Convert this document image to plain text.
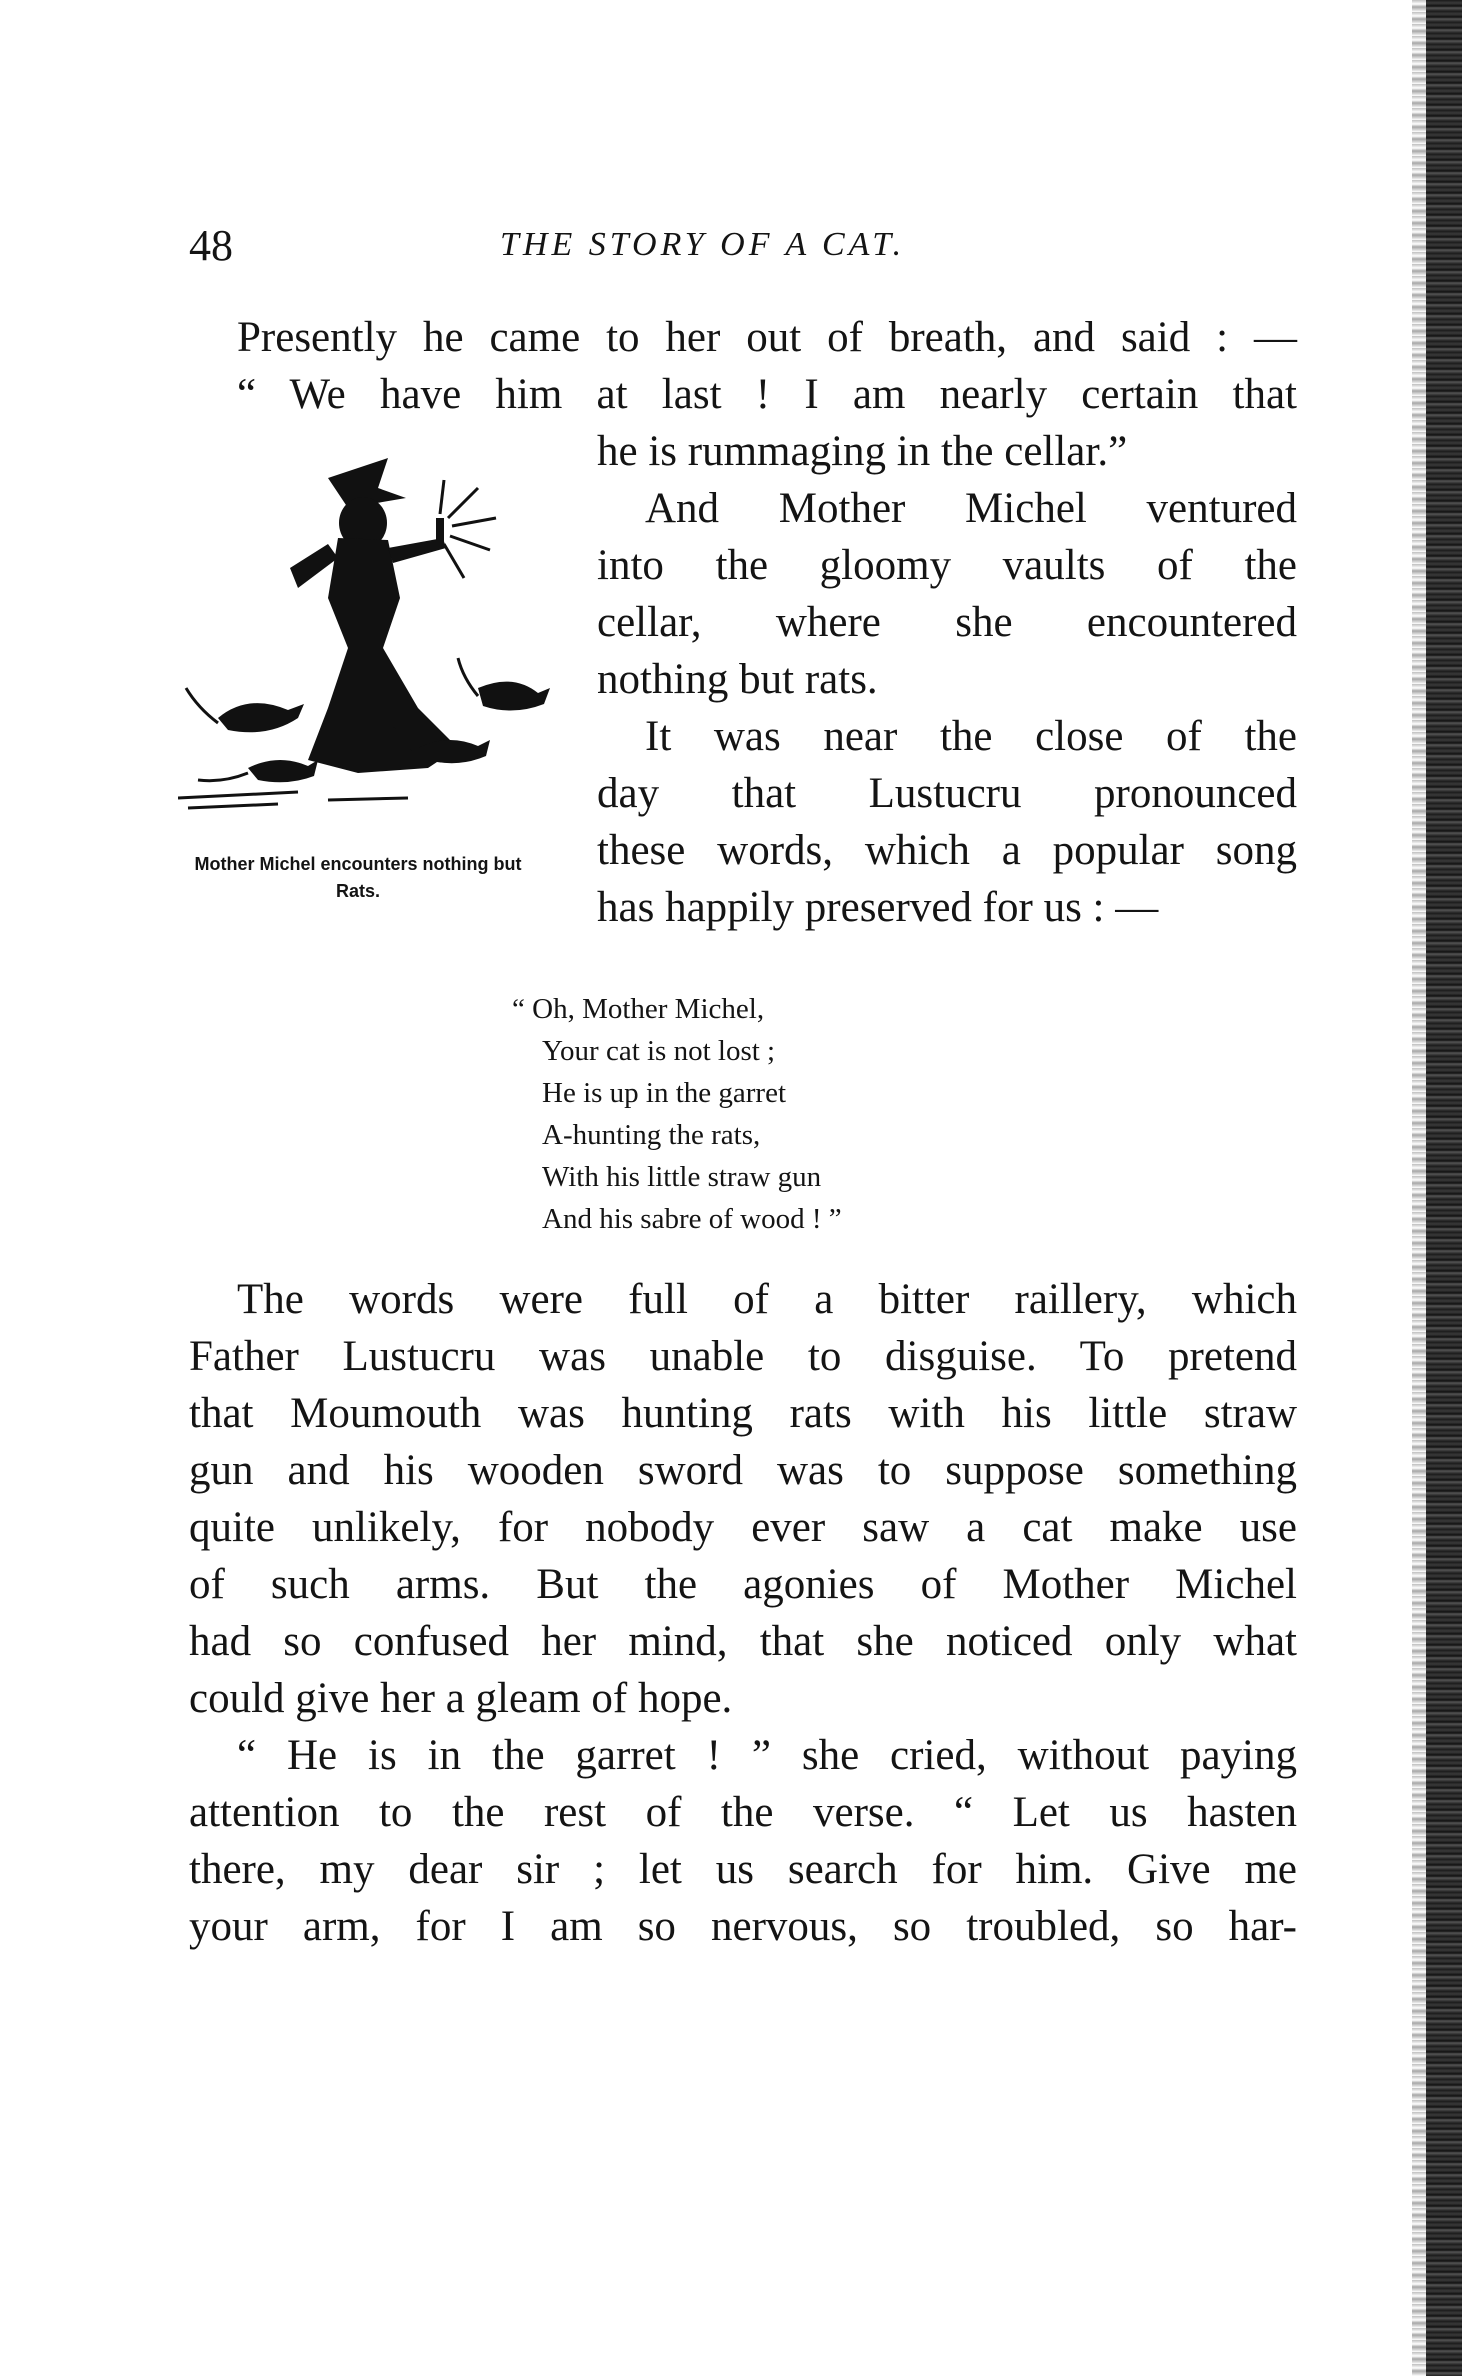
48	THE STORY OF A CAT.
Presently he came to her out of breath, and said : —
“ We have him at last ! I am nearly certain that
he is rummaging in the cellar.”
And Mother Michel ventured
into the gloomy vaults of the
cellar, where she encountered
nothing but rats.
It was near the close of the
day that Lustucru pronounced
these words, which a popular song
has happily preserved for us : —
Mother Michel encounters nothing but Rats.
“ Oh, Mother Michel,
Your cat is not lost ;
He is up in the garret
A-hunting the rats,
With his little straw gun
And his sabre of wood ! ”
The words were full of a bitter raillery, which
Father Lustucru was unable to disguise. To pretend
that Moumouth was hunting rats with his little straw
gun and his wooden sword was to suppose something
quite unlikely, for nobody ever saw a cat make use
of such arms. But the agonies of Mother Michel
had so confused her mind, that she noticed only what
could give her a gleam of hope.
“ He is in the garret ! ” she cried, without paying
attention to the rest of the verse. “ Let us hasten
there, my dear sir ; let us search for him. Give me
your arm, for I am so nervous, so troubled, so har-
